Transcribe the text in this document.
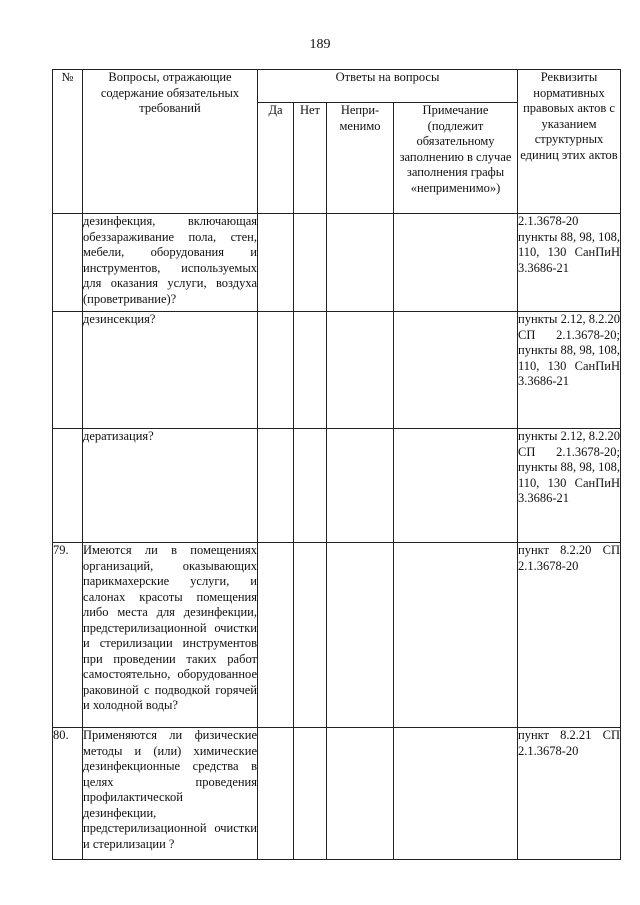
189
№	Вопросы, отражающие содержание обязательных требований	Ответы на вопросы				Реквизиты нормативных правовых актов с указанием структурных единиц этих актов
		Да	Нет	Непри-менимо	Примечание (подлежит обязательному заполнению в случае заполнения графы «неприменимо»)	
	дезинфекция, включающая обеззараживание пола, стен, мебели, оборудования и инструментов, используемых для оказания услуги, воздуха (проветривание)?					2.1.3678-20 пункты 88, 98, 108, 110, 130 СанПиН 3.3686-21
	дезинсекция?					пункты 2.12, 8.2.20 СП 2.1.3678-20; пункты 88, 98, 108, 110, 130 СанПиН 3.3686-21
	дератизация?					пункты 2.12, 8.2.20 СП 2.1.3678-20; пункты 88, 98, 108, 110, 130 СанПиН 3.3686-21
79.	Имеются ли в помещениях организаций, оказывающих парикмахерские услуги, и салонах красоты помещения либо места для дезинфекции, предстерилизационной очистки и стерилизации инструментов при проведении таких работ самостоятельно, оборудованное раковиной с подводкой горячей и холодной воды?					пункт 8.2.20 СП 2.1.3678-20
80.	Применяются ли физические методы и (или) химические дезинфекционные средства в целях проведения профилактической дезинфекции, предстерилизационной очистки и стерилизации ?					пункт 8.2.21 СП 2.1.3678-20
